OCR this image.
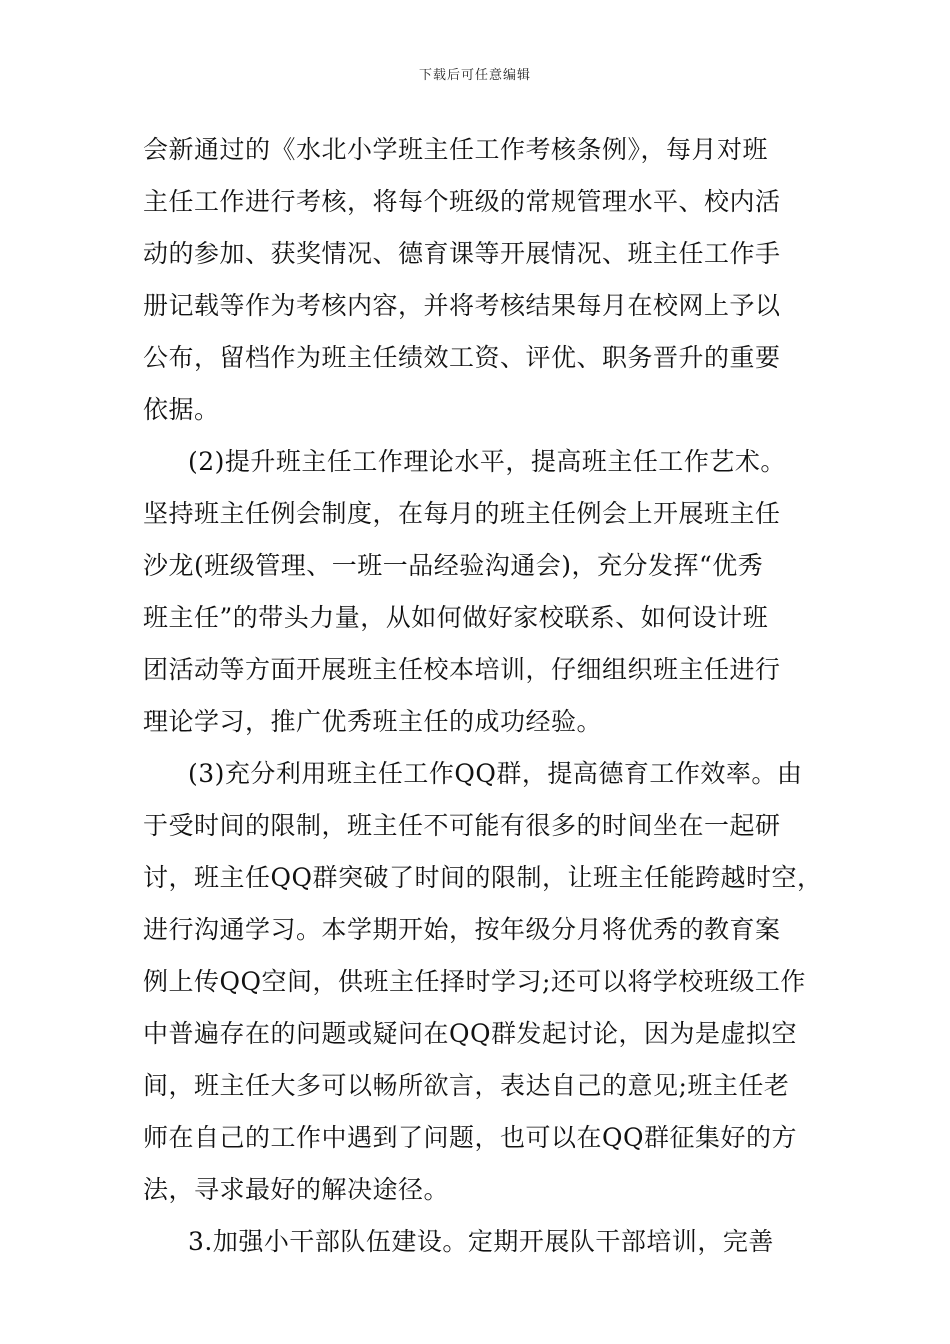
下载后可任意编辑
会新通过的《水北小学班主任工作考核条例》，每月对班
主任工作进行考核，将每个班级的常规管理水平、校内活
动的参加、获奖情况、德育课等开展情况、班主任工作手
册记载等作为考核内容，并将考核结果每月在校网上予以
公布，留档作为班主任绩效工资、评优、职务晋升的重要
依据。
(2)提升班主任工作理论水平，提高班主任工作艺术。
坚持班主任例会制度，在每月的班主任例会上开展班主任
沙龙(班级管理、一班一品经验沟通会)，充分发挥“优秀
班主任”的带头力量，从如何做好家校联系、如何设计班
团活动等方面开展班主任校本培训，仔细组织班主任进行
理论学习，推广优秀班主任的成功经验。
(3)充分利用班主任工作QQ群，提高德育工作效率。由
于受时间的限制，班主任不可能有很多的时间坐在一起研
讨，班主任QQ群突破了时间的限制，让班主任能跨越时空，
进行沟通学习。本学期开始，按年级分月将优秀的教育案
例上传QQ空间，供班主任择时学习;还可以将学校班级工作
中普遍存在的问题或疑问在QQ群发起讨论，因为是虚拟空
间，班主任大多可以畅所欲言，表达自己的意见;班主任老
师在自己的工作中遇到了问题，也可以在QQ群征集好的方
法，寻求最好的解决途径。
3.加强小干部队伍建设。定期开展队干部培训，完善
